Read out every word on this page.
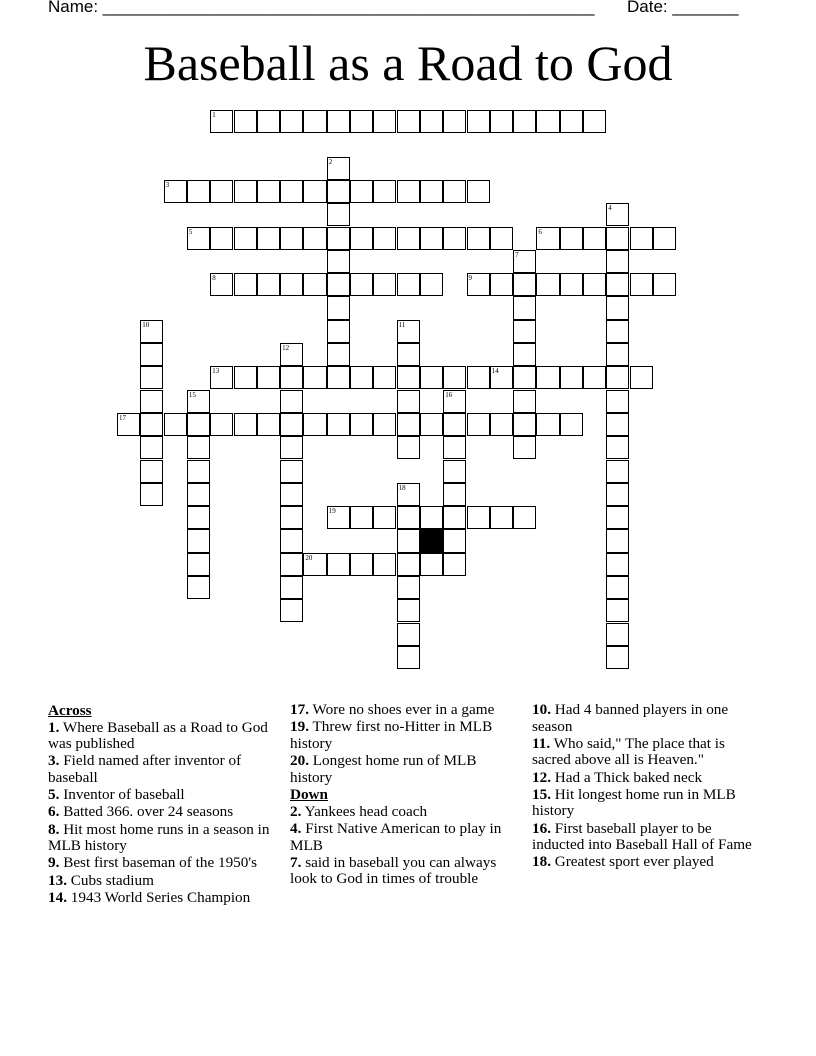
Name: ____________________________________________________ Date: _______
Baseball as a Road to God
1
2
3
4
5	6
7
8	9
10	11
12
13	14
15	16
17
18
19
20
Across
1. Where Baseball as a Road to God was published
3. Field named after inventor of baseball
5. Inventor of baseball
6. Batted 366. over 24 seasons
8. Hit most home runs in a season in MLB history
9. Best first baseman of the 1950's
13. Cubs stadium
14. 1943 World Series Champion
17. Wore no shoes ever in a game
19. Threw first no-Hitter in MLB history
20. Longest home run of MLB history
Down
2. Yankees head coach
4. First Native American to play in MLB
7. said in baseball you can always look to God in times of trouble
10. Had 4 banned players in one season
11. Who said," The place that is sacred above all is Heaven."
12. Had a Thick baked neck
15. Hit longest home run in MLB history
16. First baseball player to be inducted into Baseball Hall of Fame
18. Greatest sport ever played
